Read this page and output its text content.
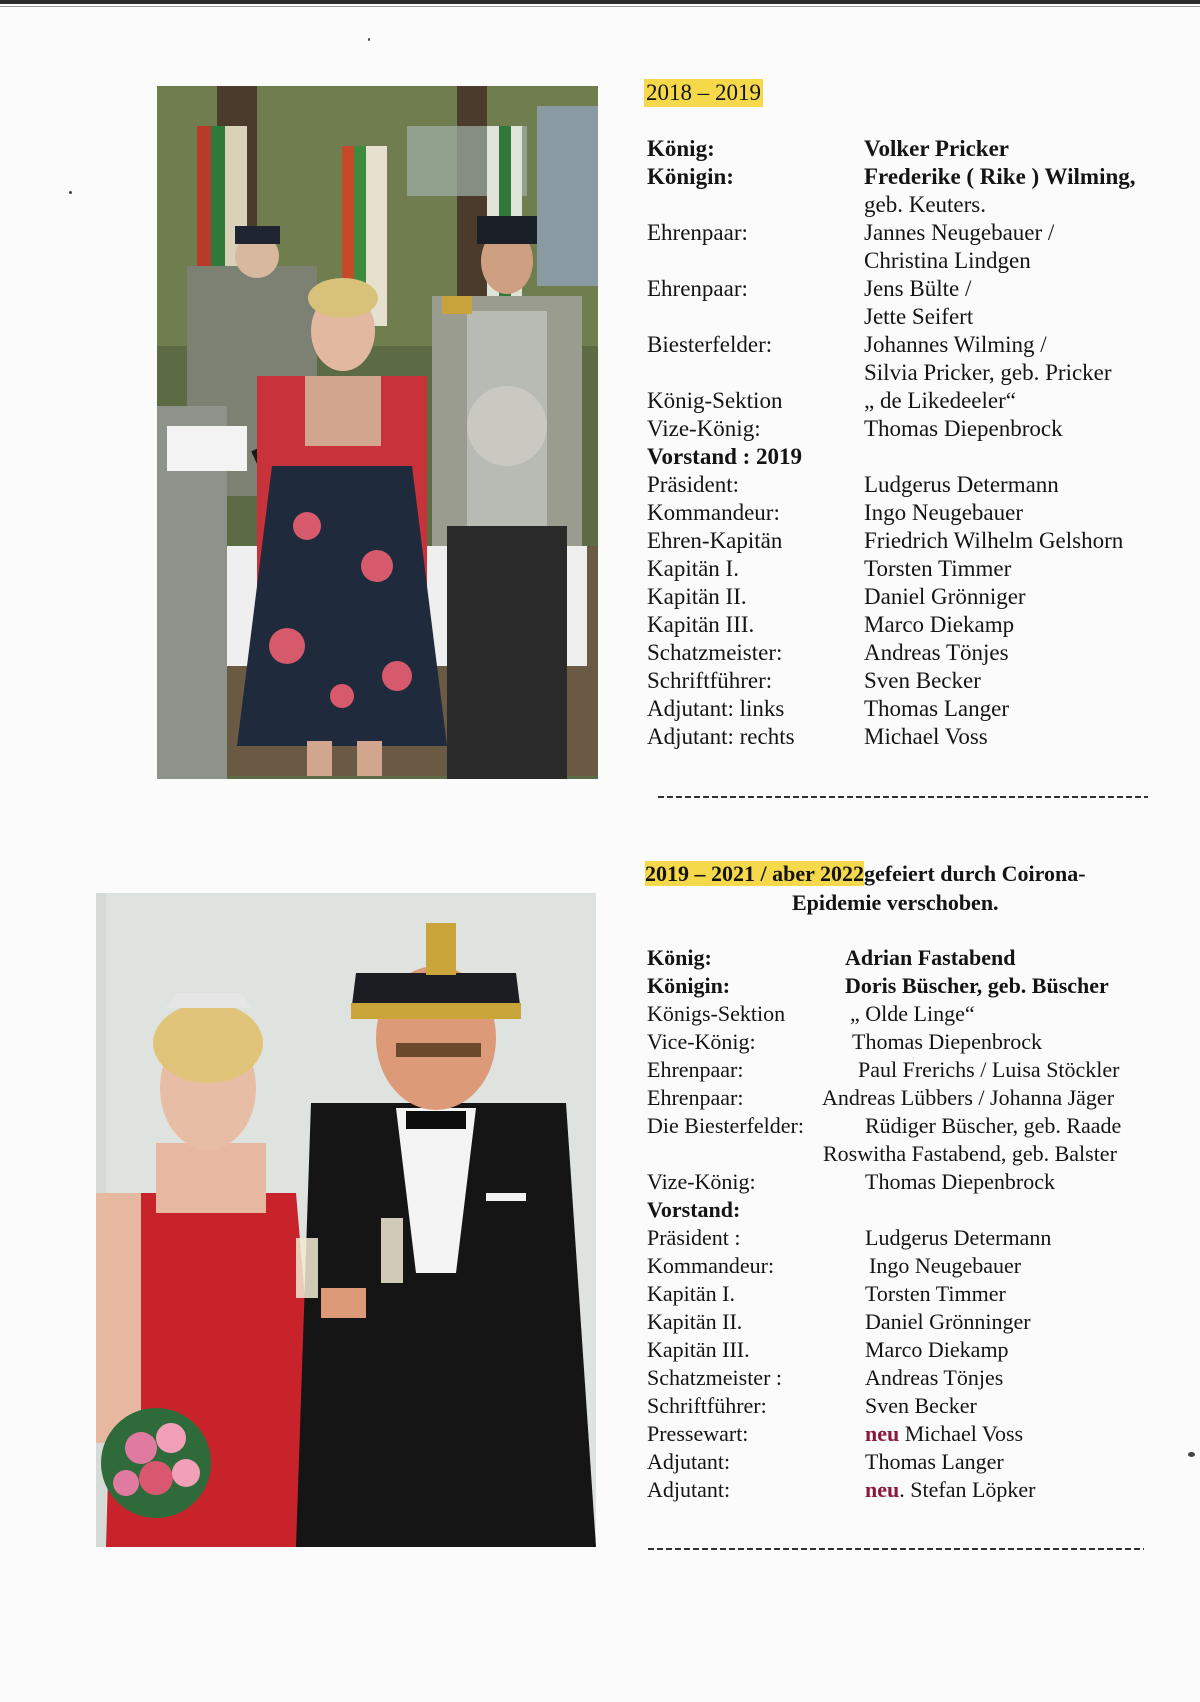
2018 – 2019
König:	Volker Pricker
Königin:	Frederike ( Rike ) Wilming,
geb. Keuters.
Ehrenpaar:	Jannes Neugebauer /
Christina Lindgen
Ehrenpaar:	Jens Bülte /
Jette Seifert
Biesterfelder:	Johannes Wilming /
Silvia Pricker, geb. Pricker
König-Sektion	„ de Likedeeler“
Vize-König:	Thomas Diepenbrock
Vorstand : 2019
Präsident:	Ludgerus Determann
Kommandeur:	Ingo Neugebauer
Ehren-Kapitän	Friedrich Wilhelm Gelshorn
Kapitän I.	Torsten Timmer
Kapitän II.	Daniel Grönniger
Kapitän III.	Marco Diekamp
Schatzmeister:	Andreas Tönjes
Schriftführer:	Sven Becker
Adjutant: links	Thomas Langer
Adjutant: rechts	Michael Voss
2019 – 2021 / aber 2022gefeiert durch Coirona-
Epidemie verschoben.
König:	Adrian Fastabend
Königin:	Doris Büscher, geb. Büscher
Königs-Sektion	„ Olde Linge“
Vice-König:	Thomas Diepenbrock
Ehrenpaar:	Paul Frerichs / Luisa Stöckler
Ehrenpaar:	Andreas Lübbers / Johanna Jäger
Die Biesterfelder:	Rüdiger Büscher, geb. Raade
Roswitha Fastabend, geb. Balster
Vize-König:	Thomas Diepenbrock
Vorstand:
Präsident :	Ludgerus Determann
Kommandeur:	Ingo Neugebauer
Kapitän I.	Torsten Timmer
Kapitän II.	Daniel Grönninger
Kapitän III.	Marco Diekamp
Schatzmeister :	Andreas Tönjes
Schriftführer:	Sven Becker
Pressewart:	neu Michael Voss
Adjutant:	Thomas Langer
Adjutant:	neu. Stefan Löpker
